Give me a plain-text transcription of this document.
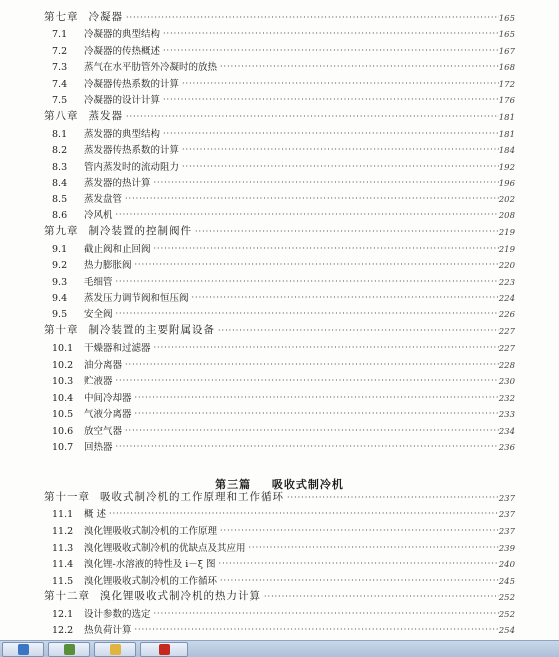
第七章 冷凝器 ·····	165
7.1	冷凝器的典型结构 ·····	165
7.2	冷凝器的传热概述 ·····	167
7.3	蒸气在水平肋管外冷凝时的放热 ·····	168
7.4	冷凝器传热系数的计算 ·····	172
7.5	冷凝器的设计计算 ·····	176
第八章 蒸发器 ·····	181
8.1	蒸发器的典型结构 ·····	181
8.2	蒸发器传热系数的计算 ·····	184
8.3	管内蒸发时的流动阻力 ·····	192
8.4	蒸发器的热计算 ·····	196
8.5	蒸发盘管 ·····	202
8.6	冷风机 ·····	208
第九章 制冷装置的控制阀件 ·····	219
9.1	截止阀和止回阀 ·····	219
9.2	热力膨胀阀 ·····	220
9.3	毛细管 ·····	223
9.4	蒸发压力调节阀和恒压阀 ·····	224
9.5	安全阀 ·····	226
第十章 制冷装置的主要附属设备 ·····	227
10.1	干燥器和过滤器 ·····	227
10.2	油分离器 ·····	228
10.3	贮液器 ·····	230
10.4	中间冷却器 ·····	232
10.5	气液分离器 ·····	233
10.6	放空气器 ·····	234
10.7	回热器 ·····	236
第三篇 吸收式制冷机
第十一章 吸收式制冷机的工作原理和工作循环 ·····	237
11.1	概 述 ·····	237
11.2	溴化锂吸收式制冷机的工作原理 ·····	237
11.3	溴化锂吸收式制冷机的优缺点及其应用 ·····	239
11.4	溴化锂-水溶液的特性及 i－ξ 图 ·····	240
11.5	溴化锂吸收式制冷机的工作循环 ·····	245
第十二章 溴化锂吸收式制冷机的热力计算 ·····	252
12.1	设计参数的选定 ·····	252
12.2	热负荷计算 ·····	254
